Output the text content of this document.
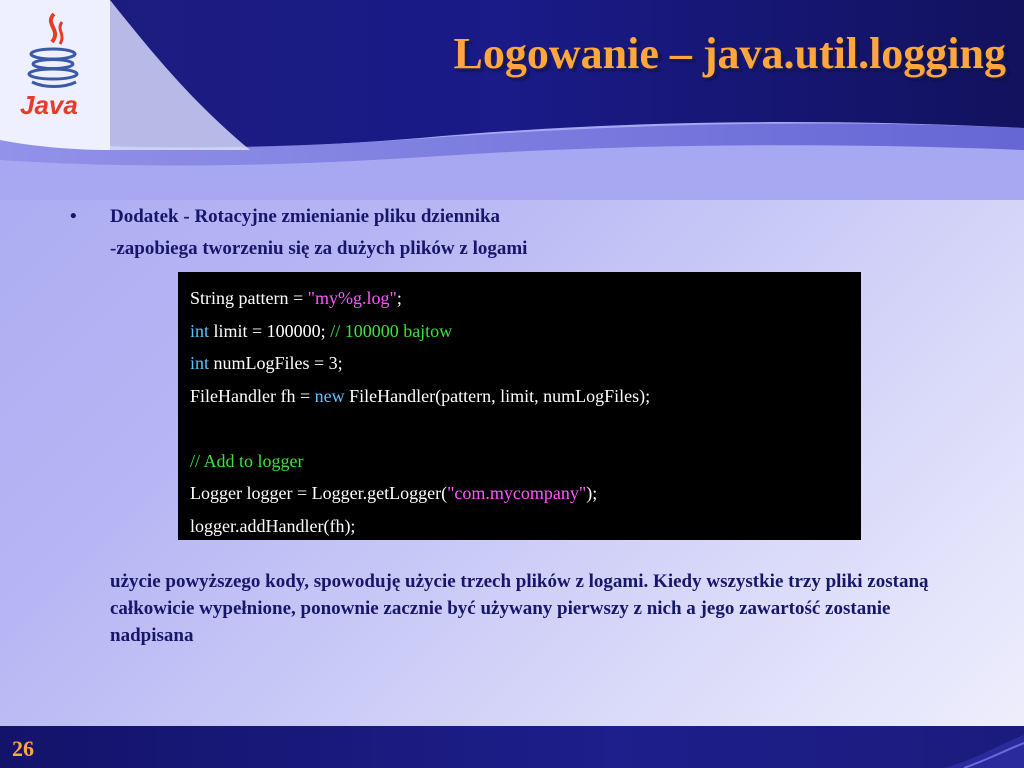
Java
Logowanie – java.util.logging
• Dodatek - Rotacyjne zmienianie pliku dziennika
-zapobiega tworzeniu się za dużych plików z logami
String pattern = "my%g.log";
int limit = 100000; // 100000 bajtow
int numLogFiles = 3;
FileHandler fh = new FileHandler(pattern, limit, numLogFiles);
// Add to logger
Logger logger = Logger.getLogger("com.mycompany");
logger.addHandler(fh);
użycie powyższego kody, spowoduję użycie trzech plików z logami. Kiedy wszystkie trzy pliki zostaną całkowicie wypełnione, ponownie zacznie być używany pierwszy z nich a jego zawartość zostanie nadpisana
26
